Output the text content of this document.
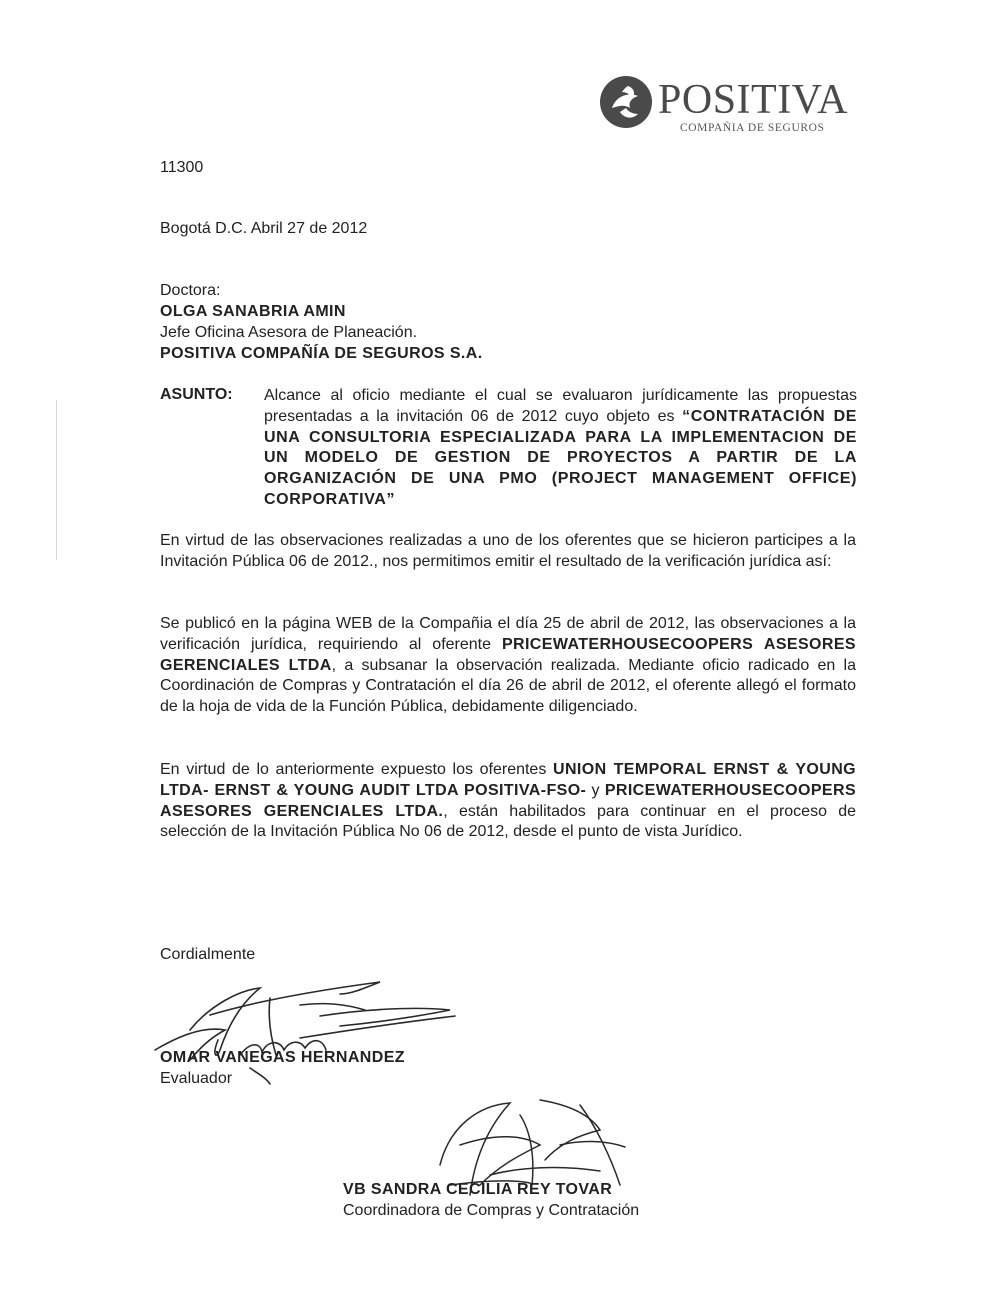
POSITIVA
COMPAÑIA DE SEGUROS
11300
Bogotá D.C. Abril 27 de 2012
Doctora:
OLGA SANABRIA AMIN
Jefe Oficina Asesora de Planeación.
POSITIVA COMPAÑÍA DE SEGUROS S.A.
ASUNTO: Alcance al oficio mediante el cual se evaluaron jurídicamente las propuestas presentadas a la invitación 06 de 2012 cuyo objeto es “CONTRATACIÓN DE UNA CONSULTORIA ESPECIALIZADA PARA LA IMPLEMENTACION DE UN MODELO DE GESTION DE PROYECTOS A PARTIR DE LA ORGANIZACIÓN DE UNA PMO (PROJECT MANAGEMENT OFFICE) CORPORATIVA”
En virtud de las observaciones realizadas a uno de los oferentes que se hicieron participes a la Invitación Pública 06 de 2012., nos permitimos emitir el resultado de la verificación jurídica así:
Se publicó en la página WEB de la Compañia el día 25 de abril de 2012, las observaciones a la verificación jurídica, requiriendo al oferente PRICEWATERHOUSECOOPERS ASESORES GERENCIALES LTDA, a subsanar la observación realizada. Mediante oficio radicado en la Coordinación de Compras y Contratación el día 26 de abril de 2012, el oferente allegó el formato de la hoja de vida de la Función Pública, debidamente diligenciado.
En virtud de lo anteriormente expuesto los oferentes UNION TEMPORAL ERNST & YOUNG LTDA- ERNST & YOUNG AUDIT LTDA POSITIVA-FSO- y PRICEWATERHOUSECOOPERS ASESORES GERENCIALES LTDA., están habilitados para continuar en el proceso de selección de la Invitación Pública No 06 de 2012, desde el punto de vista Jurídico.
Cordialmente
OMAR VANEGAS HERNANDEZ
Evaluador
VB SANDRA CECILIA REY TOVAR
Coordinadora de Compras y Contratación
